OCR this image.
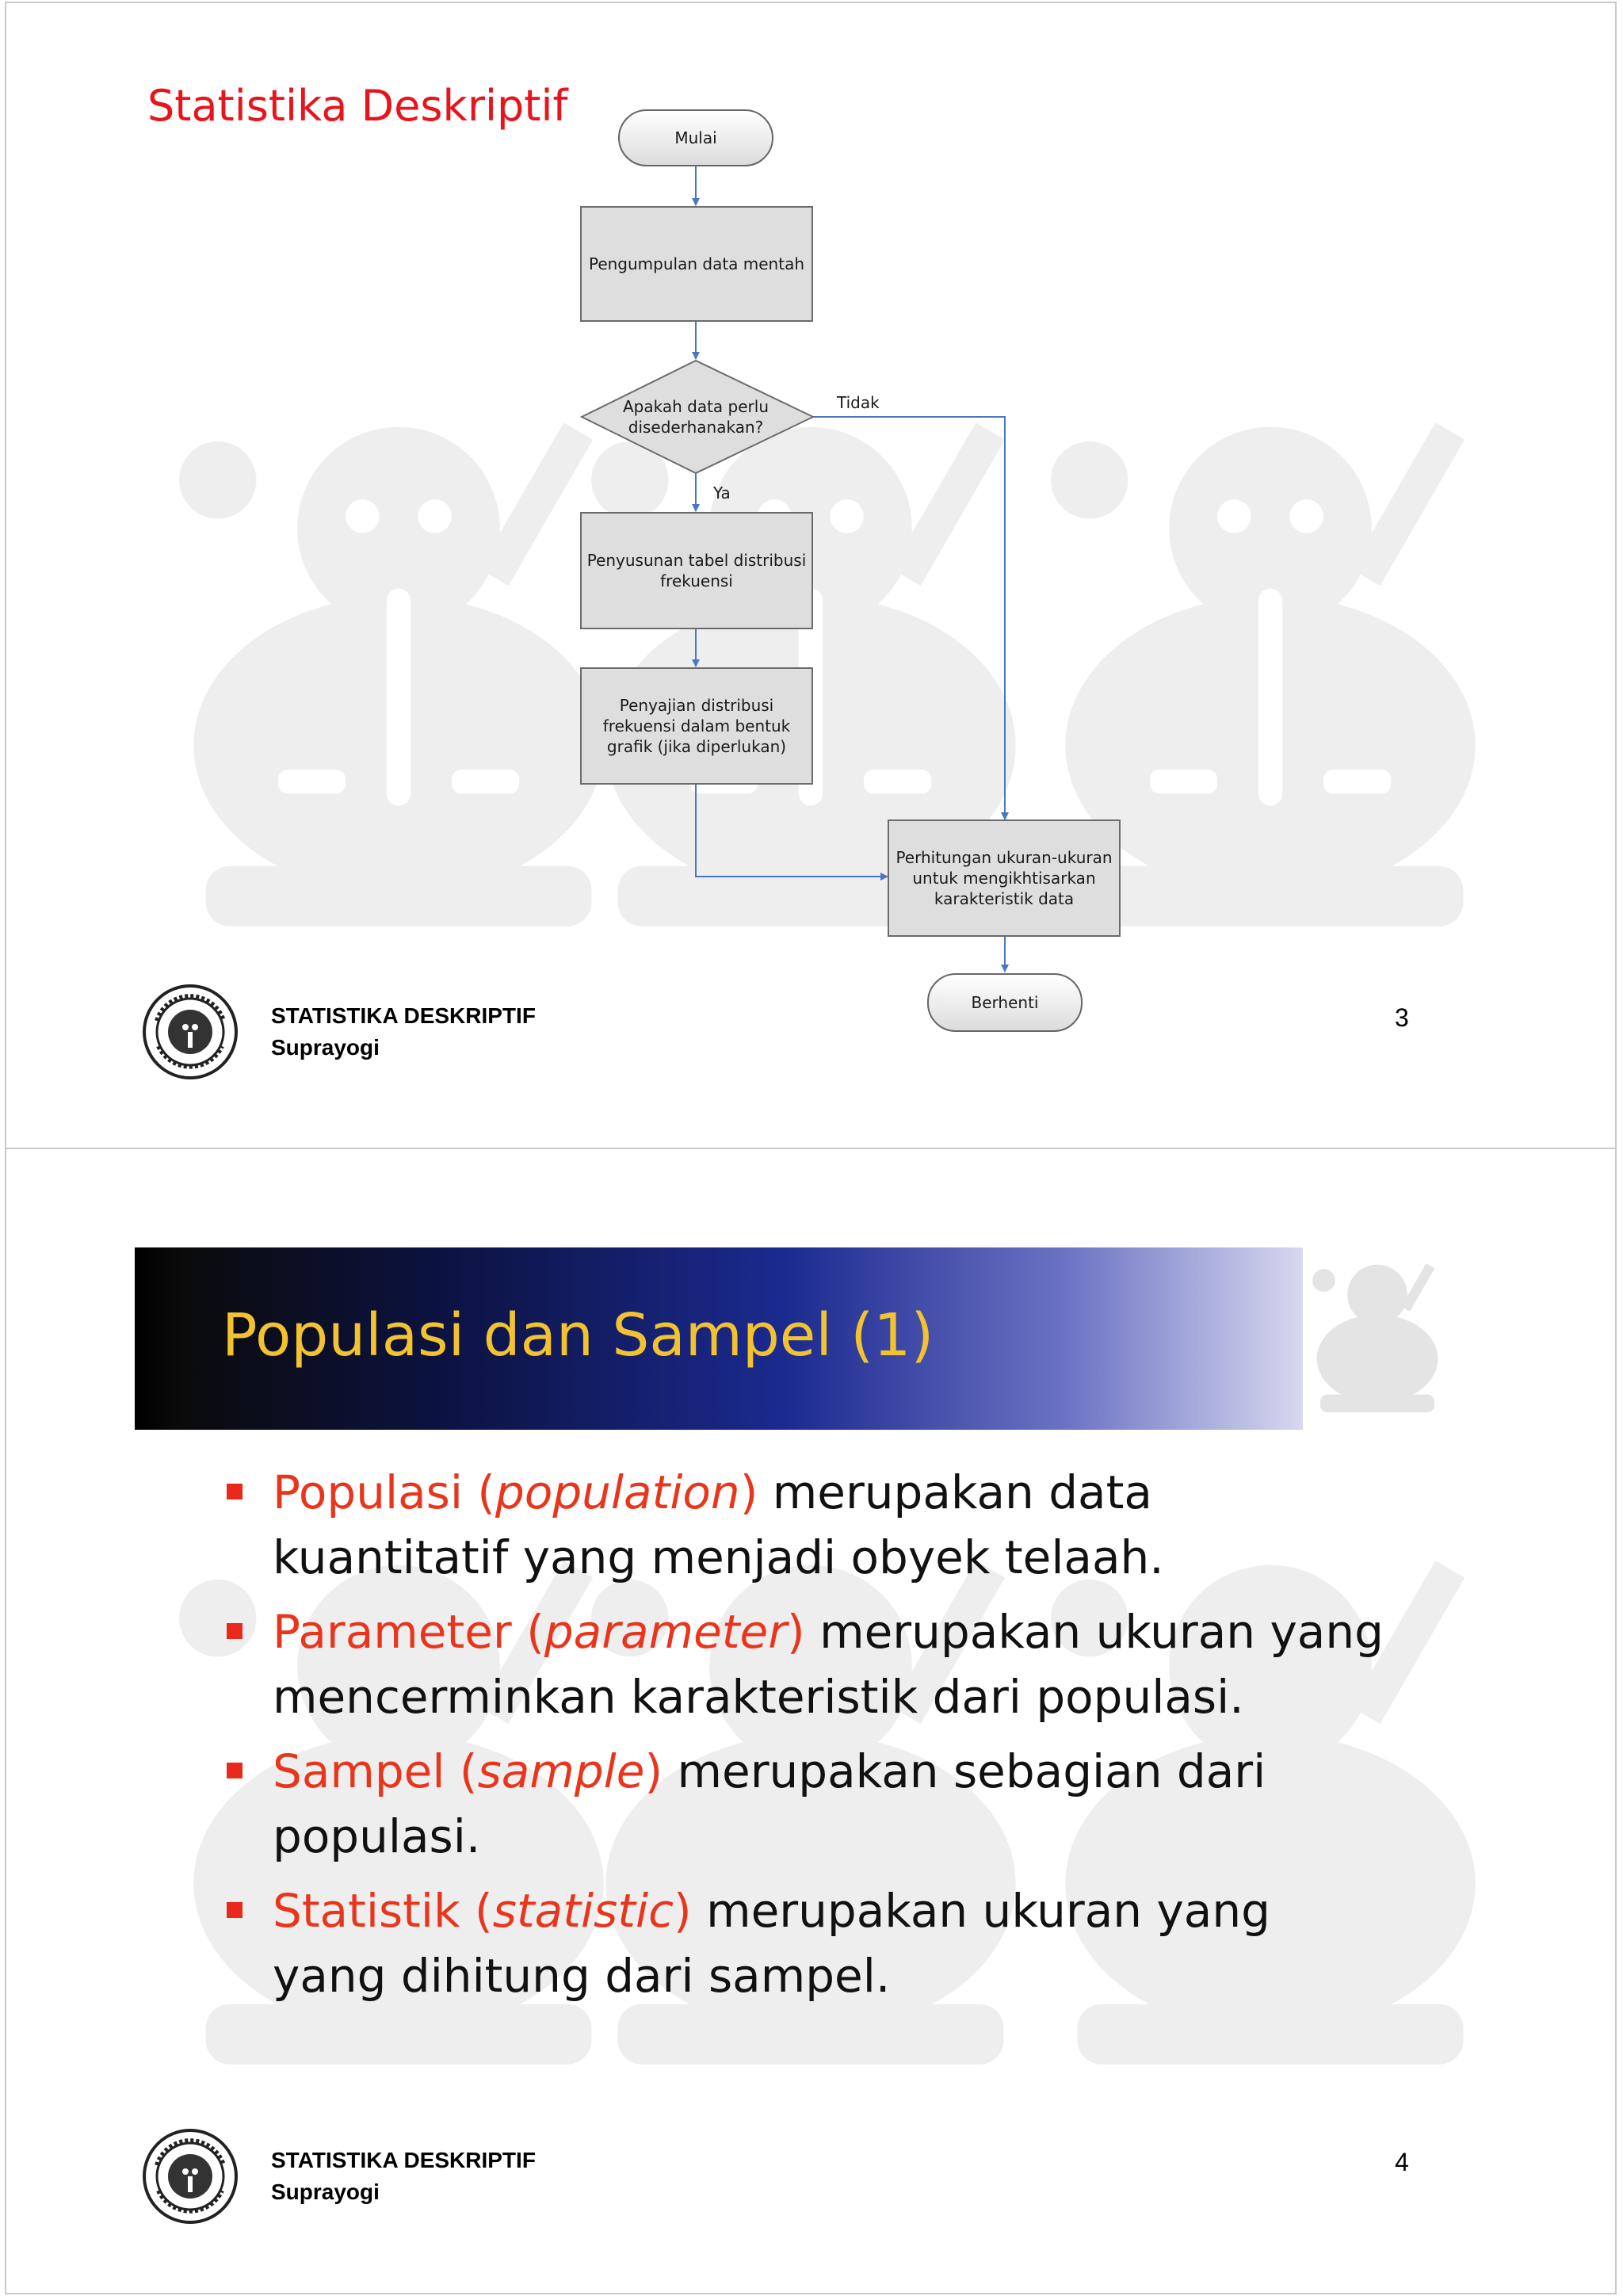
Statistika Deskriptif
Mulai
Pengumpulan data mentah
Apakah data perlu disederhanakan?
Tidak
Ya
Penyusunan tabel distribusi frekuensi
Penyajian distribusi frekuensi dalam bentuk grafik (jika diperlukan)
Perhitungan ukuran-ukuran untuk mengikhtisarkan karakteristik data
Berhenti
STATISTIKA DESKRIPTIF
Suprayogi
3
Populasi dan Sampel (1)
Populasi (population) merupakan data kuantitatif yang menjadi obyek telaah.
Parameter (parameter) merupakan ukuran yang mencerminkan karakteristik dari populasi.
Sampel (sample) merupakan sebagian dari populasi.
Statistik (statistic) merupakan ukuran yang yang dihitung dari sampel.
STATISTIKA DESKRIPTIF
Suprayogi
4
